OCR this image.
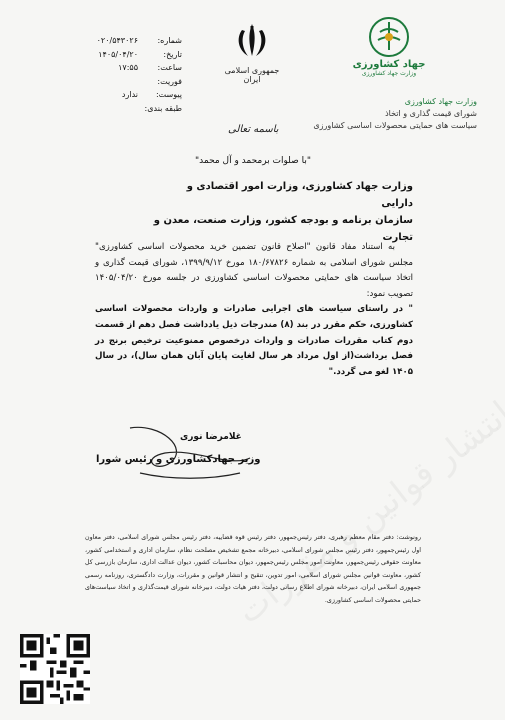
جهاد کشاورزی
وزارت جهاد کشاورزی
وزارت جهاد کشاورزی
شورای قیمت گذاری و اتخاذ
سیاست های حمایتی محصولات اساسی کشاورزی
جمهوری اسلامی ایران
باسمه تعالی
شماره:
۰۲۰/۵۴۳۰۲۶
تاریخ:
۱۴۰۵/۰۴/۲۰
ساعت:
۱۷:۵۵
فوریت:
پیوست:
ندارد
طبقه بندی:
"با صلوات برمحمد و آل محمد"
وزارت جهاد کشاورزی، وزارت امور اقتصادی و دارایی
سازمان برنامه و بودجه کشور، وزارت صنعت، معدن و تجارت
به استناد مفاد قانون "اصلاح قانون تضمین خرید محصولات اساسی کشاورزی" مجلس شورای اسلامی به شماره ۱۸۰/۶۷۸۲۶ مورخ ۱۳۹۹/۹/۱۲، شورای قیمت گذاری و اتخاذ سیاست های حمایتی محصولات اساسی کشاورزی در جلسه مورخ ۱۴۰۵/۰۴/۲۰ تصویب نمود:
" در راستای سیاست های اجرایی صادرات و واردات محصولات اساسی کشاورزی، حکم مقرر در بند (۸) مندرجات ذیل یادداشت فصل دهم از قسمت دوم کتاب مقررات صادرات و واردات درخصوص ممنوعیت ترخیص برنج در فصل برداشت(از اول مرداد هر سال لغایت پایان آبان همان سال)، در سال ۱۴۰۵ لغو می گردد."
غلامرضا نوری
وزیر جهادکشاورزی و رئیس شورا
رونوشت: دفتر مقام معظم رهبری، دفتر رئیس‌جمهور، دفتر رئیس قوه قضاییه، دفتر رئیس مجلس شورای اسلامی، دفتر معاون اول رئیس‌جمهور، دفتر رئیس مجلس شورای اسلامی، دبیرخانه مجمع تشخیص مصلحت نظام، سازمان اداری و استخدامی کشور، معاونت حقوقی رئیس‌جمهور، معاونت امور مجلس رئیس‌جمهور، دیوان محاسبات کشور، دیوان عدالت اداری، سازمان بازرسی کل کشور، معاونت قوانین مجلس شورای اسلامی، امور تدوین، تنقیح و انتشار قوانین و مقررات، وزارت دادگستری، روزنامه رسمی جمهوری اسلامی ایران، دبیرخانه شورای اطلاع رسانی دولت، دفتر هیات دولت، دبیرخانه شورای قیمت‌گذاری و اتخاذ سیاست‌های حمایتی محصولات اساسی کشاورزی.
